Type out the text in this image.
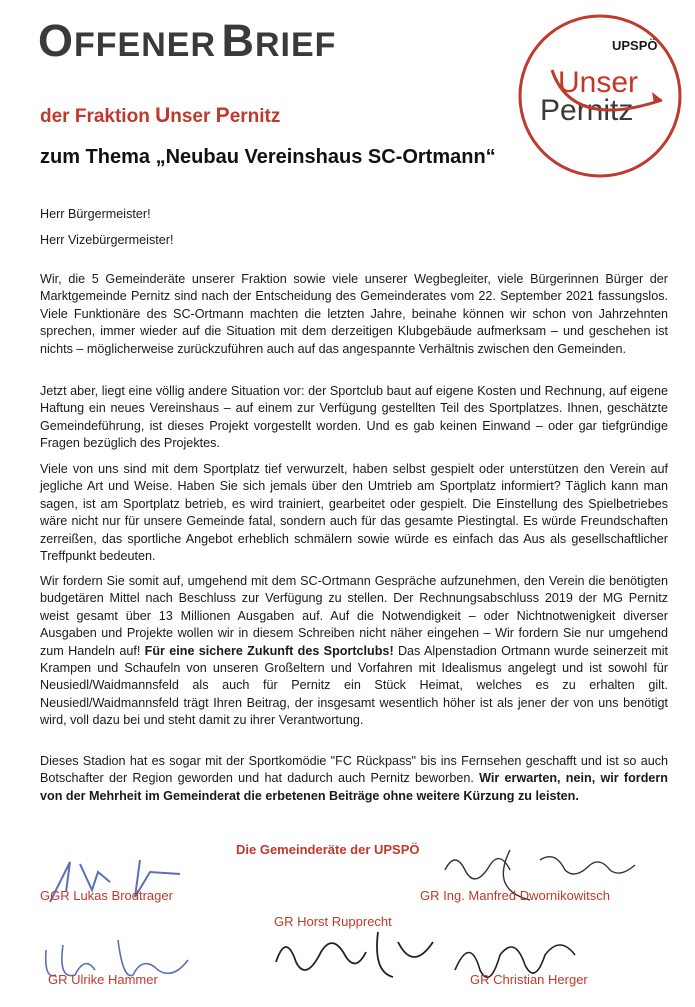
OFFENER BRIEF
der Fraktion Unser Pernitz
zum Thema „Neubau Vereinshaus SC-Ortmann“
UPSPÖ
Unser
Pernitz
Herr Bürgermeister!
Herr Vizebürgermeister!

Wir, die 5 Gemeinderäte unserer Fraktion sowie viele unserer Wegbegleiter, viele Bürgerinnen Bürger der Marktgemeinde Pernitz sind nach der Entscheidung des Gemeinderates vom 22. September 2021 fassungslos. Viele Funktionäre des SC-Ortmann machten die letzten Jahre, beinahe können wir schon von Jahrzehnten sprechen, immer wieder auf die Situation mit dem derzeitigen Klubgebäude aufmerksam – und geschehen ist nichts – möglicherweise zurückzuführen auch auf das angespannte Verhältnis zwischen den Gemeinden.

Jetzt aber, liegt eine völlig andere Situation vor: der Sportclub baut auf eigene Kosten und Rechnung, auf eigene Haftung ein neues Vereinshaus – auf einem zur Verfügung gestellten Teil des Sportplatzes. Ihnen, geschätzte Gemeindeführung, ist dieses Projekt vorgestellt worden. Und es gab keinen Einwand – oder gar tiefgründige Fragen bezüglich des Projektes.

Viele von uns sind mit dem Sportplatz tief verwurzelt, haben selbst gespielt oder unterstützen den Verein auf jegliche Art und Weise. Haben Sie sich jemals über den Umtrieb am Sportplatz informiert? Täglich kann man sagen, ist am Sportplatz betrieb, es wird trainiert, gearbeitet oder gespielt. Die Einstellung des Spielbetriebes wäre nicht nur für unsere Gemeinde fatal, sondern auch für das gesamte Piestingtal. Es würde Freundschaften zerreißen, das sportliche Angebot erheblich schmälern sowie würde es einfach das Aus als gesellschaftlicher Treffpunkt bedeuten.

Wir fordern Sie somit auf, umgehend mit dem SC-Ortmann Gespräche aufzunehmen, den Verein die benötigten budgetären Mittel nach Beschluss zur Verfügung zu stellen. Der Rechnungsabschluss 2019 der MG Pernitz weist gesamt über 13 Millionen Ausgaben auf. Auf die Notwendigkeit – oder Nichtnotwenigkeit diverser Ausgaben und Projekte wollen wir in diesem Schreiben nicht näher eingehen – Wir fordern Sie nur umgehend zum Handeln auf! Für eine sichere Zukunft des Sportclubs! Das Alpenstadion Ortmann wurde seinerzeit mit Krampen und Schaufeln von unseren Großeltern und Vorfahren mit Idealismus angelegt und ist sowohl für Neusiedl/Waidmannsfeld als auch für Pernitz ein Stück Heimat, welches es zu erhalten gilt. Neusiedl/Waidmannsfeld trägt Ihren Beitrag, der insgesamt wesentlich höher ist als jener der von uns benötigt wird, voll dazu bei und steht damit zu ihrer Verantwortung.

Dieses Stadion hat es sogar mit der Sportkomödie "FC Rückpass" bis ins Fernsehen geschafft und ist so auch Botschafter der Region geworden und hat dadurch auch Pernitz beworben. Wir erwarten, nein, wir fordern von der Mehrheit im Gemeinderat die erbetenen Beiträge ohne weitere Kürzung zu leisten.

Die Gemeinderäte der UPSPÖ
GGR Lukas Brodtrager	GR Ing. Manfred Dwornikowitsch
GR Horst Rupprecht
GR Ulrike Hammer	GR Christian Herger
